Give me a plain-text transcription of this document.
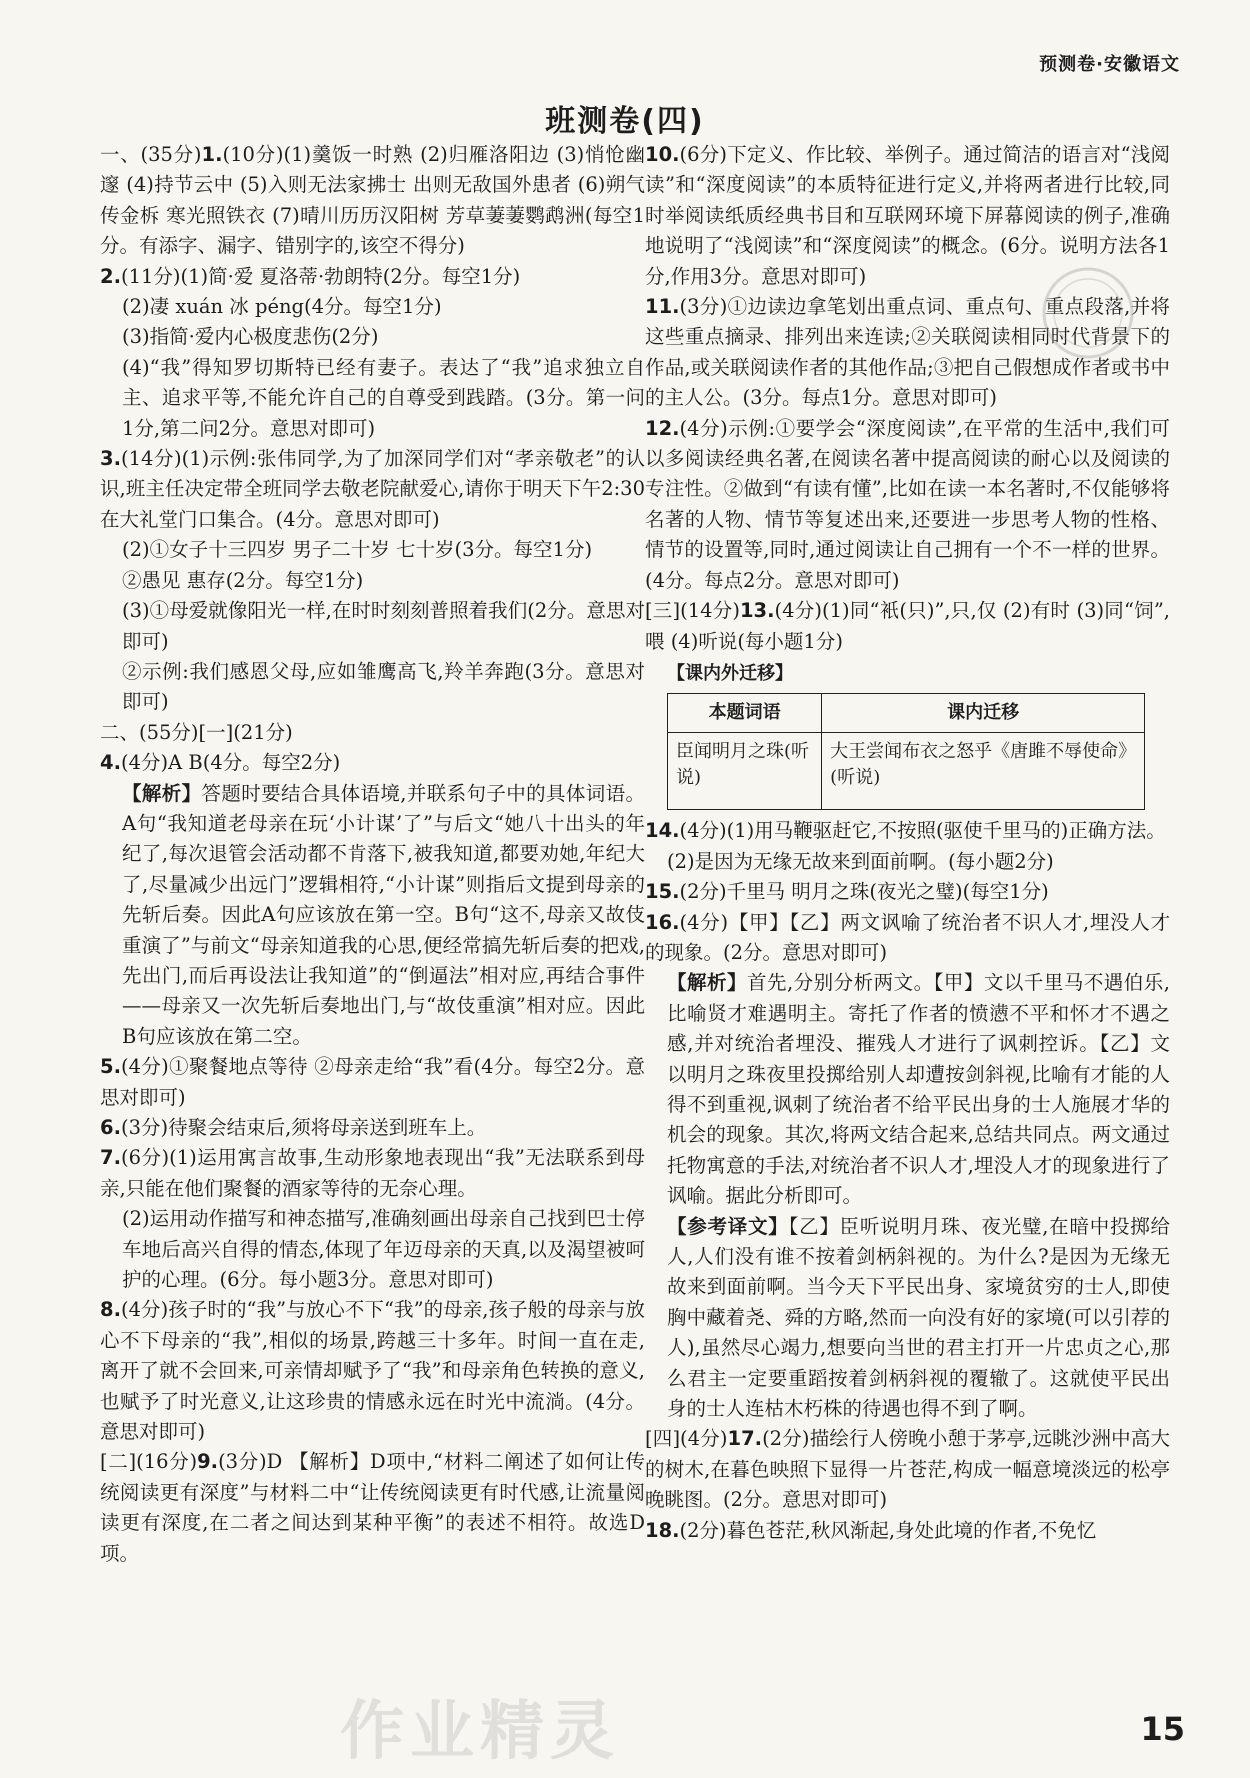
预测卷·安徽语文
班测卷(四)

一、(35分)1.(10分)(1)羹饭一时熟 (2)归雁洛阳边 (3)悄怆幽邃 (4)持节云中 (5)入则无法家拂士 出则无敌国外患者 (6)朔气传金柝 寒光照铁衣 (7)晴川历历汉阳树 芳草萋萋鹦鹉洲(每空1分。有添字、漏字、错别字的,该空不得分)

2.(11分)(1)简·爱 夏洛蒂·勃朗特(2分。每空1分)

(2)凄 xuán 冰 péng(4分。每空1分)

(3)指简·爱内心极度悲伤(2分)

(4)“我”得知罗切斯特已经有妻子。表达了“我”追求独立自主、追求平等,不能允许自己的自尊受到践踏。(3分。第一问1分,第二问2分。意思对即可)

3.(14分)(1)示例:张伟同学,为了加深同学们对“孝亲敬老”的认识,班主任决定带全班同学去敬老院献爱心,请你于明天下午2:30在大礼堂门口集合。(4分。意思对即可)

(2)①女子十三四岁 男子二十岁 七十岁(3分。每空1分)

②愚见 惠存(2分。每空1分)

(3)①母爱就像阳光一样,在时时刻刻普照着我们(2分。意思对即可)

②示例:我们感恩父母,应如雏鹰高飞,羚羊奔跑(3分。意思对即可)

二、(55分)[一](21分)

4.(4分)A B(4分。每空2分)

【解析】答题时要结合具体语境,并联系句子中的具体词语。A句“我知道老母亲在玩‘小计谋’了”与后文“她八十出头的年纪了,每次退管会活动都不肯落下,被我知道,都要劝她,年纪大了,尽量减少出远门”逻辑相符,“小计谋”则指后文提到母亲的先斩后奏。因此A句应该放在第一空。B句“这不,母亲又故伎重演了”与前文“母亲知道我的心思,便经常搞先斩后奏的把戏,先出门,而后再设法让我知道”的“倒逼法”相对应,再结合事件——母亲又一次先斩后奏地出门,与“故伎重演”相对应。因此B句应该放在第二空。

5.(4分)①聚餐地点等待 ②母亲走给“我”看(4分。每空2分。意思对即可)

6.(3分)待聚会结束后,须将母亲送到班车上。

7.(6分)(1)运用寓言故事,生动形象地表现出“我”无法联系到母亲,只能在他们聚餐的酒家等待的无奈心理。

(2)运用动作描写和神态描写,准确刻画出母亲自己找到巴士停车地后高兴自得的情态,体现了年迈母亲的天真,以及渴望被呵护的心理。(6分。每小题3分。意思对即可)

8.(4分)孩子时的“我”与放心不下“我”的母亲,孩子般的母亲与放心不下母亲的“我”,相似的场景,跨越三十多年。时间一直在走,离开了就不会回来,可亲情却赋予了“我”和母亲角色转换的意义,也赋予了时光意义,让这珍贵的情感永远在时光中流淌。(4分。意思对即可)

[二](16分)9.(3分)D 【解析】D项中,“材料二阐述了如何让传统阅读更有深度”与材料二中“让传统阅读更有时代感,让流量阅读更有深度,在二者之间达到某种平衡”的表述不相符。故选D项。

10.(6分)下定义、作比较、举例子。通过简洁的语言对“浅阅读”和“深度阅读”的本质特征进行定义,并将两者进行比较,同时举阅读纸质经典书目和互联网环境下屏幕阅读的例子,准确地说明了“浅阅读”和“深度阅读”的概念。(6分。说明方法各1分,作用3分。意思对即可)

11.(3分)①边读边拿笔划出重点词、重点句、重点段落,并将这些重点摘录、排列出来连读;②关联阅读相同时代背景下的作品,或关联阅读作者的其他作品;③把自己假想成作者或书中的主人公。(3分。每点1分。意思对即可)

12.(4分)示例:①要学会“深度阅读”,在平常的生活中,我们可以多阅读经典名著,在阅读名著中提高阅读的耐心以及阅读的专注性。②做到“有读有懂”,比如在读一本名著时,不仅能够将名著的人物、情节等复述出来,还要进一步思考人物的性格、情节的设置等,同时,通过阅读让自己拥有一个不一样的世界。(4分。每点2分。意思对即可)

[三](14分)13.(4分)(1)同“衹(只)”,只,仅 (2)有时 (3)同“饲”,喂 (4)听说(每小题1分)

【课内外迁移】
本题词语	课内迁移
臣闻明月之珠(听说)	大王尝闻布衣之怒乎《唐雎不辱使命》(听说)

14.(4分)(1)用马鞭驱赶它,不按照(驱使千里马的)正确方法。

(2)是因为无缘无故来到面前啊。(每小题2分)

15.(2分)千里马 明月之珠(夜光之璧)(每空1分)

16.(4分)【甲】【乙】两文讽喻了统治者不识人才,埋没人才的现象。(2分。意思对即可)

【解析】首先,分别分析两文。【甲】文以千里马不遇伯乐,比喻贤才难遇明主。寄托了作者的愤懑不平和怀才不遇之感,并对统治者埋没、摧残人才进行了讽刺控诉。【乙】文以明月之珠夜里投掷给别人却遭按剑斜视,比喻有才能的人得不到重视,讽刺了统治者不给平民出身的士人施展才华的机会的现象。其次,将两文结合起来,总结共同点。两文通过托物寓意的手法,对统治者不识人才,埋没人才的现象进行了讽喻。据此分析即可。

【参考译文】【乙】臣听说明月珠、夜光璧,在暗中投掷给人,人们没有谁不按着剑柄斜视的。为什么?是因为无缘无故来到面前啊。当今天下平民出身、家境贫穷的士人,即使胸中藏着尧、舜的方略,然而一向没有好的家境(可以引荐的人),虽然尽心竭力,想要向当世的君主打开一片忠贞之心,那么君主一定要重蹈按着剑柄斜视的覆辙了。这就使平民出身的士人连枯木朽株的待遇也得不到了啊。

[四](4分)17.(2分)描绘行人傍晚小憩于茅亭,远眺沙洲中高大的树木,在暮色映照下显得一片苍茫,构成一幅意境淡远的松亭晚眺图。(2分。意思对即可)

18.(2分)暮色苍茫,秋风渐起,身处此境的作者,不免忆

作业精灵	15
